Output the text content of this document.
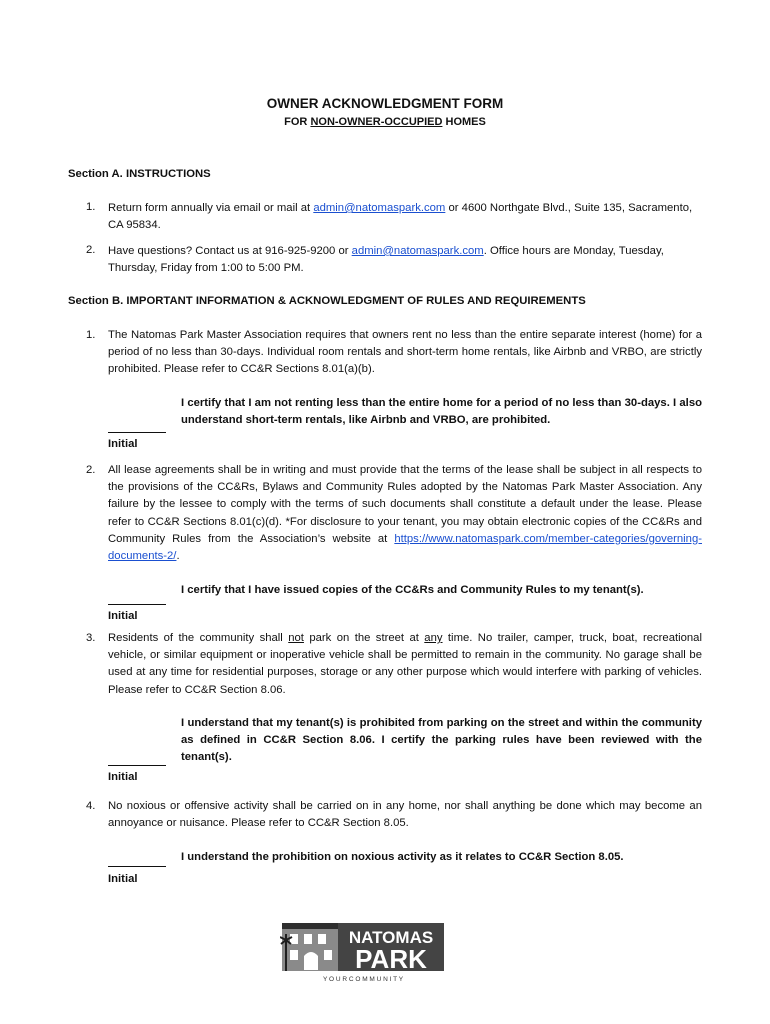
OWNER ACKNOWLEDGMENT FORM
FOR NON-OWNER-OCCUPIED HOMES
Section A. INSTRUCTIONS
1. Return form annually via email or mail at admin@natomaspark.com or 4600 Northgate Blvd., Suite 135, Sacramento, CA 95834.
2. Have questions? Contact us at 916-925-9200 or admin@natomaspark.com. Office hours are Monday, Tuesday, Thursday, Friday from 1:00 to 5:00 PM.
Section B. IMPORTANT INFORMATION & ACKNOWLEDGMENT OF RULES AND REQUIREMENTS
1. The Natomas Park Master Association requires that owners rent no less than the entire separate interest (home) for a period of no less than 30-days. Individual room rentals and short-term home rentals, like Airbnb and VRBO, are strictly prohibited. Please refer to CC&R Sections 8.01(a)(b).
I certify that I am not renting less than the entire home for a period of no less than 30-days. I also understand short-term rentals, like Airbnb and VRBO, are prohibited.
Initial
2. All lease agreements shall be in writing and must provide that the terms of the lease shall be subject in all respects to the provisions of the CC&Rs, Bylaws and Community Rules adopted by the Natomas Park Master Association. Any failure by the lessee to comply with the terms of such documents shall constitute a default under the lease. Please refer to CC&R Sections 8.01(c)(d). *For disclosure to your tenant, you may obtain electronic copies of the CC&Rs and Community Rules from the Association’s website at https://www.natomaspark.com/member-categories/governing-documents-2/.
I certify that I have issued copies of the CC&Rs and Community Rules to my tenant(s).
Initial
3. Residents of the community shall not park on the street at any time. No trailer, camper, truck, boat, recreational vehicle, or similar equipment or inoperative vehicle shall be permitted to remain in the community. No garage shall be used at any time for residential purposes, storage or any other purpose which would interfere with parking of vehicles. Please refer to CC&R Section 8.06.
I understand that my tenant(s) is prohibited from parking on the street and within the community as defined in CC&R Section 8.06. I certify the parking rules have been reviewed with the tenant(s).
Initial
4. No noxious or offensive activity shall be carried on in any home, nor shall anything be done which may become an annoyance or nuisance. Please refer to CC&R Section 8.05.
I understand the prohibition on noxious activity as it relates to CC&R Section 8.05.
Initial
NATOMAS
PARK
Y O U R C O M M U N I T Y
